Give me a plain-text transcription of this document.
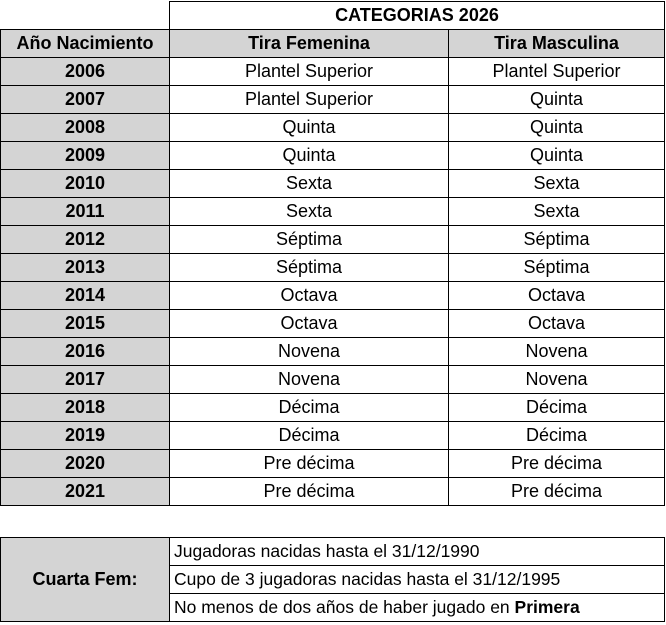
	CATEGORIAS 2026	
Año Nacimiento	Tira Femenina	Tira Masculina
2006	Plantel Superior	Plantel Superior
2007	Plantel Superior	Quinta
2008	Quinta	Quinta
2009	Quinta	Quinta
2010	Sexta	Sexta
2011	Sexta	Sexta
2012	Séptima	Séptima
2013	Séptima	Séptima
2014	Octava	Octava
2015	Octava	Octava
2016	Novena	Novena
2017	Novena	Novena
2018	Décima	Décima
2019	Décima	Décima
2020	Pre décima	Pre décima
2021	Pre décima	Pre décima
Cuarta Fem:	Jugadoras nacidas hasta el 31/12/1990
Cupo de 3 jugadoras nacidas hasta el 31/12/1995
No menos de dos años de haber jugado en Primera
